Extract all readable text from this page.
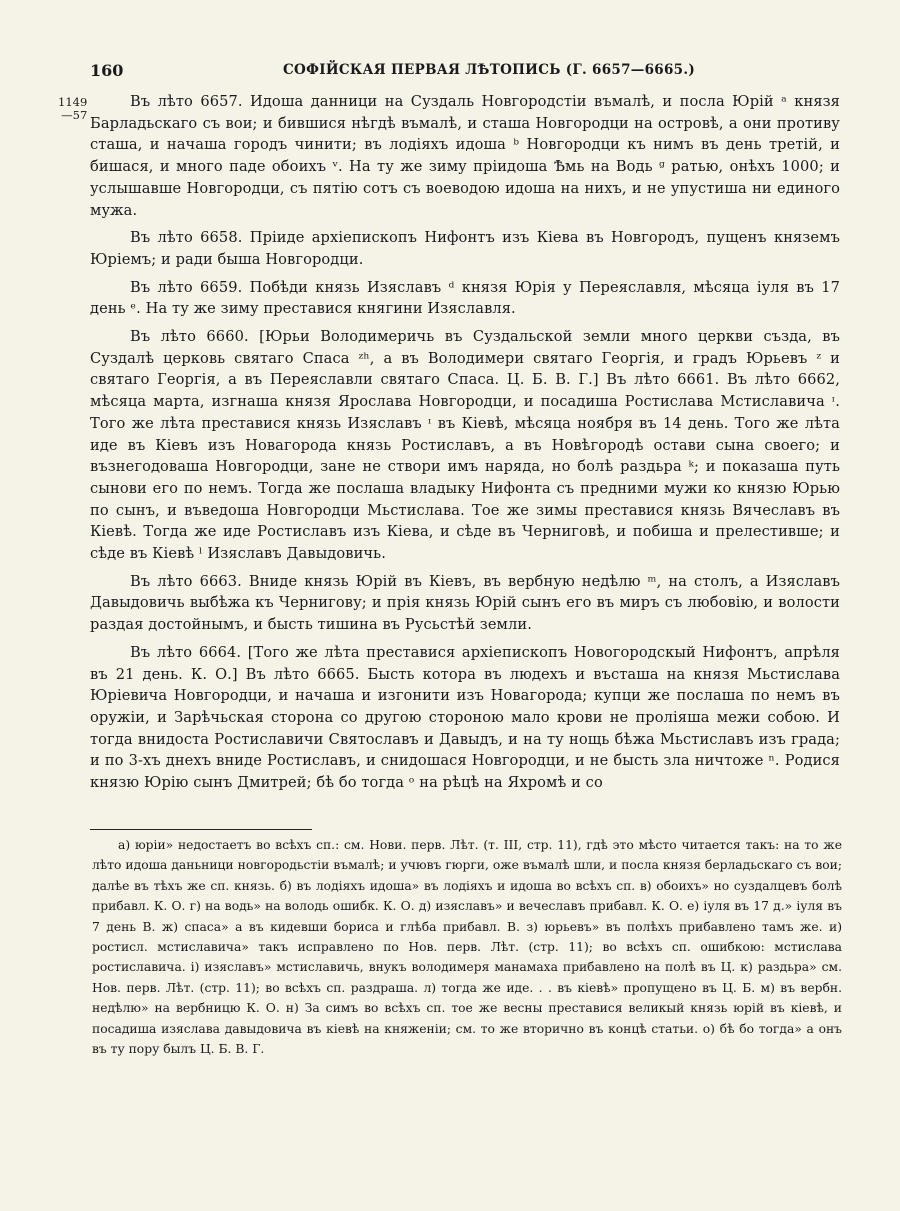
160	СОФІЙСКАЯ ПЕРВАЯ ЛѢТОПИСЬ (Г. 6657—6665.)
1149
—57

Въ лѣто 6657. Идоша данници на Суздаль Новгородстіи въмалѣ, и посла Юрій ᵃ князя Барладьскаго съ вои; и бившися нѣгдѣ въмалѣ, и сташа Новгородци на островѣ, а они противу сташа, и начаша городъ чинити; въ лодіяхъ идоша ᵇ Новгородци къ нимъ въ день третій, и бишася, и много паде обоихъ ᵛ. На ту же зиму пріидоша Ѣмь на Водь ᵍ ратью, онѣхъ 1000; и услышавше Новгородци, съ пятію сотъ съ воеводою идоша на нихъ, и не упустиша ни единого мужа.

Въ лѣто 6658. Пріиде архіепископъ Нифонтъ изъ Кіева въ Новгородъ, пущенъ княземъ Юріемъ; и ради быша Новгородци.

Въ лѣто 6659. Побѣди князь Изяславъ ᵈ князя Юрія у Переяславля, мѣсяца іуля въ 17 день ᵉ. На ту же зиму преставися княгини Изяславля.

Въ лѣто 6660. [Юрьи Володимеричь въ Суздальской земли много церкви създа, въ Суздалѣ церковь святаго Спаса ᶻʰ, а въ Володимери святаго Георгія, и градъ Юрьевъ ᶻ и святаго Георгія, а въ Переяславли святаго Спаса. Ц. Б. В. Г.] Въ лѣто 6661. Въ лѣто 6662, мѣсяца марта, изгнаша князя Ярослава Новгородци, и посадиша Ростислава Мстиславича ᶦ. Того же лѣта преставися князь Изяславъ ᶦ въ Кіевѣ, мѣсяца ноября въ 14 день. Того же лѣта иде въ Кіевъ изъ Новагорода князь Ростиславъ, а въ Новѣгородѣ остави сына своего; и възнегодоваша Новгородци, зане не створи имъ наряда, но болѣ раздьра ᵏ; и показаша путь сынови его по немъ. Тогда же послаша владыку Нифонта съ предними мужи ко князю Юрью по сынъ, и въведоша Новгородци Мьстислава. Тое же зимы преставися князь Вячеславъ въ Кіевѣ. Тогда же иде Ростиславъ изъ Кіева, и сѣде въ Черниговѣ, и побиша и прелестивше; и сѣде въ Кіевѣ ˡ Изяславъ Давыдовичь.

Въ лѣто 6663. Вниде князь Юрій въ Кіевъ, въ вербную недѣлю ᵐ, на столъ, а Изяславъ Давыдовичь выбѣжа къ Чернигову; и прія князь Юрій сынъ его въ миръ съ любовію, и волости раздая достойнымъ, и бысть тишина въ Русьстѣй земли.

Въ лѣто 6664. [Того же лѣта преставися архіепископъ Новогородскый Нифонтъ, апрѣля въ 21 день. К. О.] Въ лѣто 6665. Бысть котора въ людехъ и въсташа на князя Мьстислава Юріевича Новгородци, и начаша и изгонити изъ Новагорода; купци же послаша по немъ въ оружіи, и Зарѣчьская сторона со другою стороною мало крови не проліяша межи собою. И тогда внидоста Ростиславичи Святославъ и Давыдъ, и на ту нощь бѣжа Мьстиславъ изъ града; и по 3-хъ днехъ вниде Ростиславъ, и снидошася Новгородци, и не бысть зла ничтоже ⁿ. Родися князю Юрію сынъ Дмитрей; бѣ бо тогда ᵒ на рѣцѣ на Яхромѣ и со

а) юріи» недостаетъ во всѣхъ сп.: см. Нови. перв. Лѣт. (т. III, стр. 11), гдѣ это мѣсто читается такъ: на то же лѣто идоша даньници новгородьстіи въмалѣ; и учювъ гюрги, оже въмалѣ шли, и посла князя берладьскаго съ вои; далѣе въ тѣхъ же сп. князь. б) въ лодіяхъ идоша» въ лодіяхъ и идоша во всѣхъ сп. в) обоихъ» но суздалцевъ болѣ прибавл. К. О. г) на водь» на володь ошибк. К. О. д) изяславъ» и вечеславъ прибавл. К. О. е) іуля въ 17 д.» іуля въ 7 день В. ж) спаса» а въ кидевши бориса и глѣба прибавл. В. з) юрьевъ» въ полѣхъ прибавлено тамъ же. и) ростисл. мстиславича» такъ исправлено по Нов. перв. Лѣт. (стр. 11); во всѣхъ сп. ошибкою: мстислава ростиславича. і) изяславъ» мстиславичь, внукъ володимеря манамаха прибавлено на полѣ въ Ц. к) раздьра» см. Нов. перв. Лѣт. (стр. 11); во всѣхъ сп. раздраша. л) тогда же иде. . . въ кіевѣ» пропущено въ Ц. Б. м) въ вербн. недѣлю» на вербницю К. О. н) За симъ во всѣхъ сп. тое же весны преставися великый князь юрій въ кіевѣ, и посадиша изяслава давыдовича въ кіевѣ на княженіи; см. то же вторично въ концѣ статьи. о) бѣ бо тогда» а онъ въ ту пору былъ Ц. Б. В. Г.
